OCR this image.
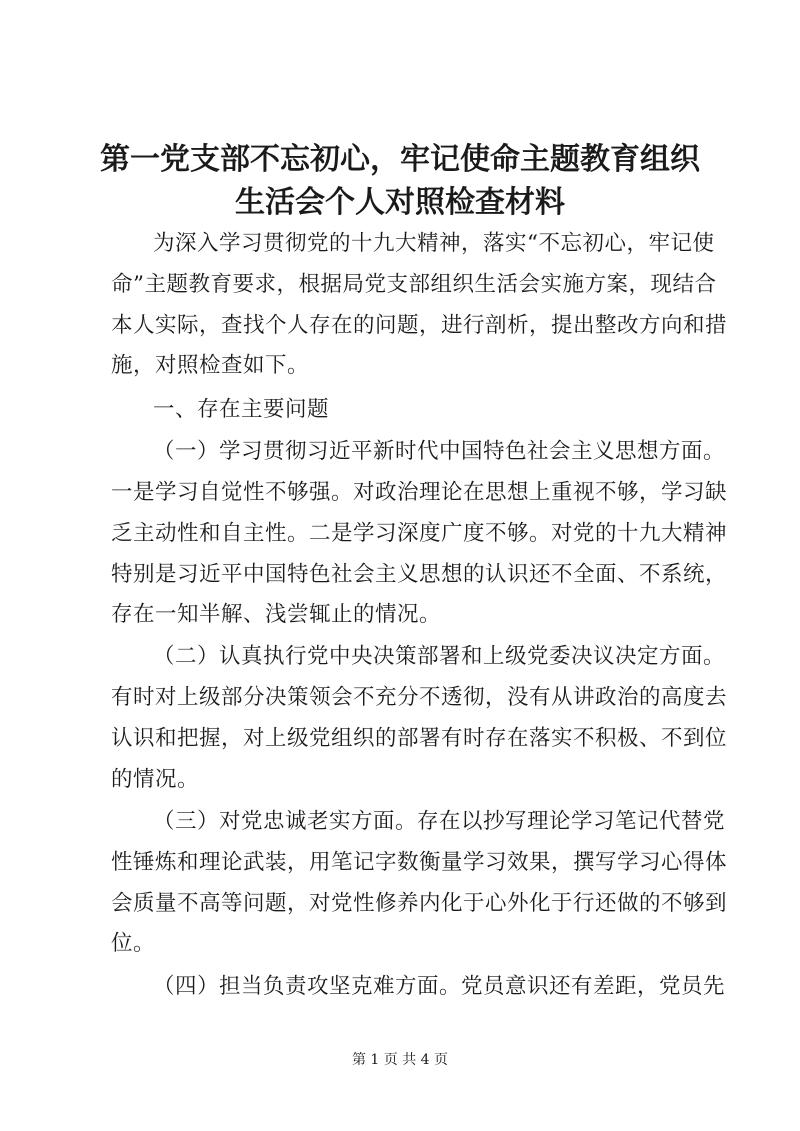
第一党支部不忘初心，牢记使命主题教育组织
生活会个人对照检查材料
为深入学习贯彻党的十九大精神，落实“不忘初心，牢记使
命”主题教育要求，根据局党支部组织生活会实施方案，现结合
本人实际，查找个人存在的问题，进行剖析，提出整改方向和措
施，对照检查如下。
一、存在主要问题
（一）学习贯彻习近平新时代中国特色社会主义思想方面。
一是学习自觉性不够强。对政治理论在思想上重视不够，学习缺
乏主动性和自主性。二是学习深度广度不够。对党的十九大精神
特别是习近平中国特色社会主义思想的认识还不全面、不系统，
存在一知半解、浅尝辄止的情况。
（二）认真执行党中央决策部署和上级党委决议决定方面。
有时对上级部分决策领会不充分不透彻，没有从讲政治的高度去
认识和把握，对上级党组织的部署有时存在落实不积极、不到位
的情况。
（三）对党忠诚老实方面。存在以抄写理论学习笔记代替党
性锤炼和理论武装，用笔记字数衡量学习效果，撰写学习心得体
会质量不高等问题，对党性修养内化于心外化于行还做的不够到
位。
（四）担当负责攻坚克难方面。党员意识还有差距，党员先
第 1 页 共 4 页
